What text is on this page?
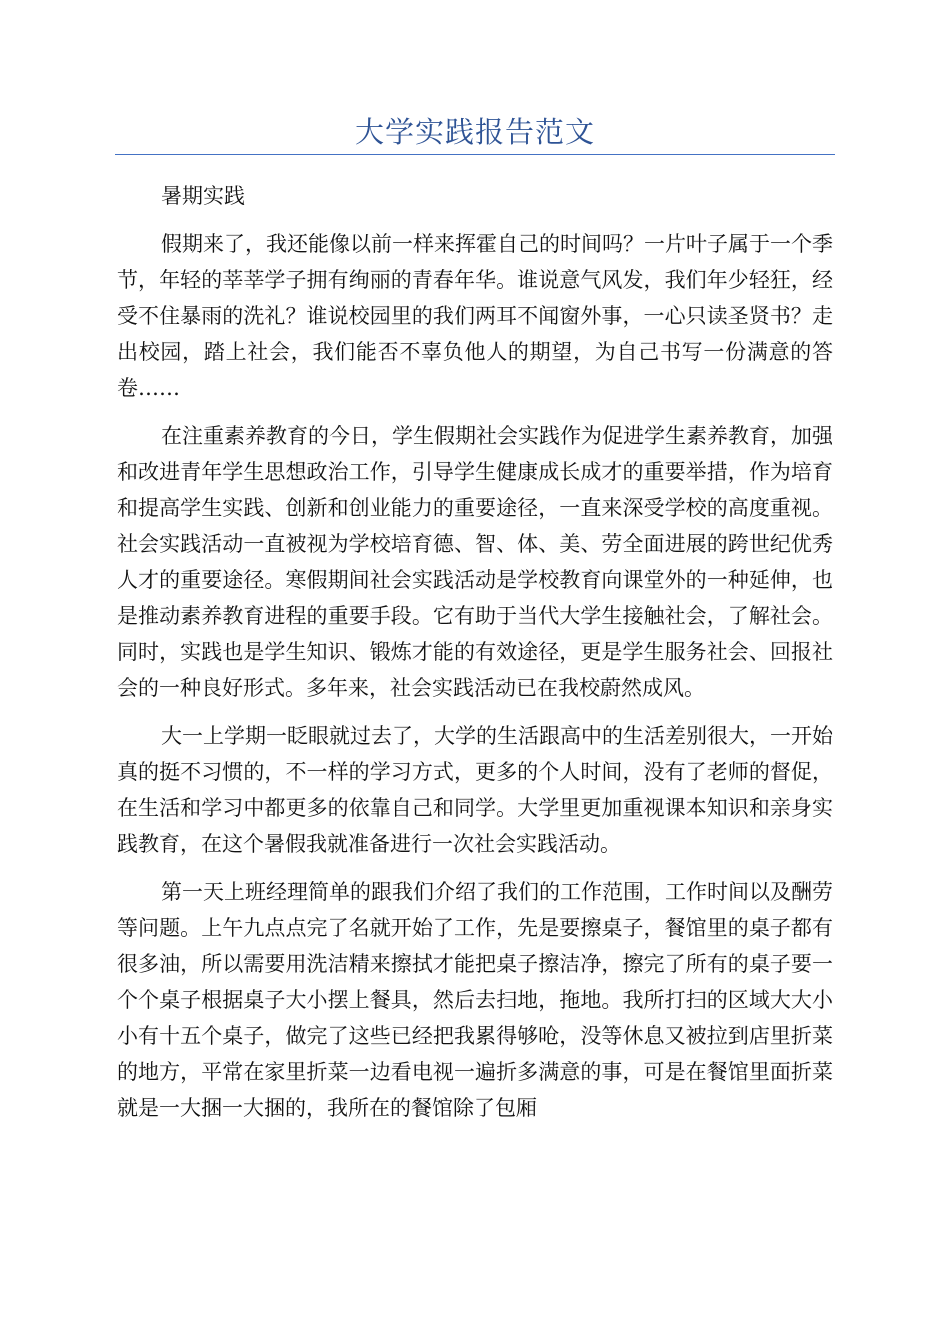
大学实践报告范文

暑期实践

假期来了，我还能像以前一样来挥霍自己的时间吗？一片叶子属于一个季节，年轻的莘莘学子拥有绚丽的青春年华。谁说意气风发，我们年少轻狂，经受不住暴雨的洗礼？谁说校园里的我们两耳不闻窗外事，一心只读圣贤书？走出校园，踏上社会，我们能否不辜负他人的期望，为自己书写一份满意的答卷……

在注重素养教育的今日，学生假期社会实践作为促进学生素养教育，加强和改进青年学生思想政治工作，引导学生健康成长成才的重要举措，作为培育和提高学生实践、创新和创业能力的重要途径，一直来深受学校的高度重视。社会实践活动一直被视为学校培育德、智、体、美、劳全面进展的跨世纪优秀人才的重要途径。寒假期间社会实践活动是学校教育向课堂外的一种延伸，也是推动素养教育进程的重要手段。它有助于当代大学生接触社会，了解社会。同时，实践也是学生知识、锻炼才能的有效途径，更是学生服务社会、回报社会的一种良好形式。多年来，社会实践活动已在我校蔚然成风。

大一上学期一眨眼就过去了，大学的生活跟高中的生活差别很大，一开始真的挺不习惯的，不一样的学习方式，更多的个人时间，没有了老师的督促，在生活和学习中都更多的依靠自己和同学。大学里更加重视课本知识和亲身实践教育，在这个暑假我就准备进行一次社会实践活动。

第一天上班经理简单的跟我们介绍了我们的工作范围，工作时间以及酬劳等问题。上午九点点完了名就开始了工作，先是要擦桌子，餐馆里的桌子都有很多油，所以需要用洗洁精来擦拭才能把桌子擦洁净，擦完了所有的桌子要一个个桌子根据桌子大小摆上餐具，然后去扫地，拖地。我所打扫的区域大大小小有十五个桌子，做完了这些已经把我累得够呛，没等休息又被拉到店里折菜的地方，平常在家里折菜一边看电视一遍折多满意的事，可是在餐馆里面折菜就是一大捆一大捆的，我所在的餐馆除了包厢
